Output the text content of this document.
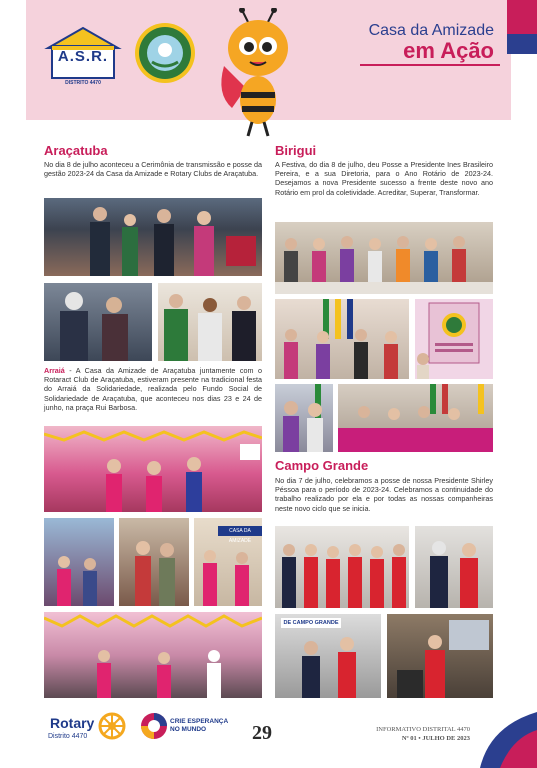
A.S.R.
DISTRITO 4470
Casa da Amizade
em Ação
Araçatuba
No dia 8 de julho aconteceu a Cerimônia de transmissão e posse da gestão 2023-24 da Casa da Amizade e Rotary Clubs de Araçatuba.
Arraiá - A Casa da Amizade de Araçatuba juntamente com o Rotaract Club de Araçatuba, estiveram presente na tradicional festa do Arraiá da Solidariedade, realizada pelo Fundo Social de Solidariedade de Araçatuba, que aconteceu nos dias 23 e 24 de junho, na praça Rui Barbosa.
CASA DA AMIZADE
Birigui
A Festiva, do dia 8 de julho, deu Posse a Presidente Ines Brasileiro Pereira, e a sua Diretoria, para o Ano Rotário de 2023-24. Desejamos a nova Presidente sucesso a frente deste novo ano Rotário em prol da coletividade. Acreditar, Superar, Transformar.
Campo Grande
No dia 7 de julho, celebramos a posse de nossa Presidente Shirley Péssoa para o período de 2023-24. Celebramos a continuidade do trabalho realizado por ela e por todas as nossas companheiras neste novo ciclo que se inicia.
DE CAMPO GRANDE
Rotary
Distrito 4470
CRIE ESPERANÇA
NO MUNDO	29	INFORMATIVO DISTRITAL 4470
Nº 01 • JULHO DE 2023
